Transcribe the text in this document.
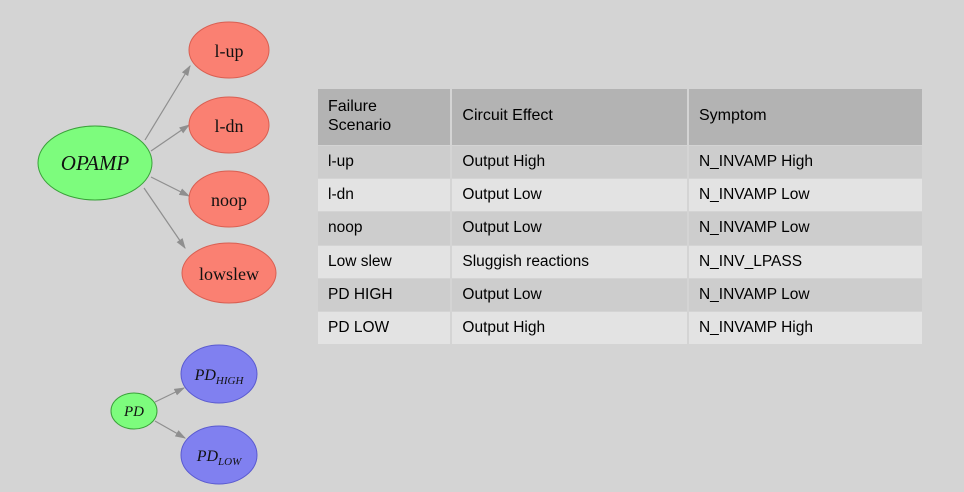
OPAMP
l-up
l-dn
noop
lowslew
PD
$PD_{HIGH}$
$PD_{LOW}$
Failure Scenario	Circuit Effect	Symptom
l-up	Output High	N_INVAMP High
l-dn	Output Low	N_INVAMP Low
noop	Output Low	N_INVAMP Low
Low slew	Sluggish reactions	N_INV_LPASS
PD HIGH	Output Low	N_INVAMP Low
PD LOW	Output High	N_INVAMP High
